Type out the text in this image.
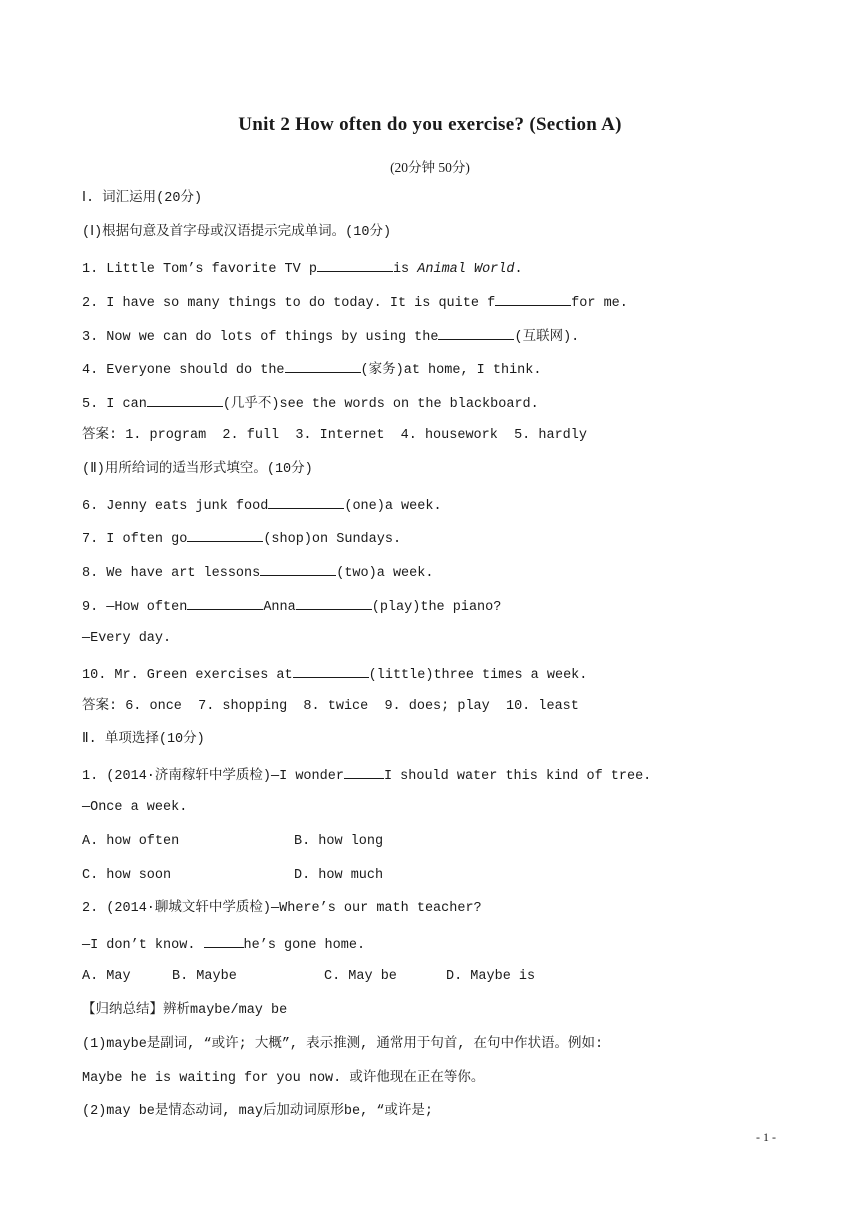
Unit 2 How often do you exercise? (Section A)
(20分钟 50分)
Ⅰ. 词汇运用(20分)
(Ⅰ)根据句意及首字母或汉语提示完成单词。(10分)
1. Little Tom’s favorite TV p	is Animal World.
2. I have so many things to do today. It is quite f	for me.
3. Now we can do lots of things by using the	(互联网).
4. Everyone should do the	(家务)at home, I think.
5. I can	(几乎不)see the words on the blackboard.
答案: 1. program  2. full  3. Internet  4. housework  5. hardly
(Ⅱ)用所给词的适当形式填空。(10分)
6. Jenny eats junk food	(one)a week.
7. I often go	(shop)on Sundays.
8. We have art lessons	(two)a week.
9. —How often	Anna	(play)the piano?
—Every day.
10. Mr. Green exercises at	(little)three times a week.
答案: 6. once  7. shopping  8. twice  9. does; play  10. least
Ⅱ. 单项选择(10分)
1. (2014·济南稼轩中学质检)—I wonder	I should water this kind of tree.
—Once a week.
A. how often	B. how long
C. how soon	D. how much
2. (2014·聊城文轩中学质检)—Where’s our math teacher?
—I don’t know.	he’s gone home.
A. May	B. Maybe	C. May be	D. Maybe is
【归纳总结】辨析maybe/may be
(1)maybe是副词, “或许; 大概”, 表示推测, 通常用于句首, 在句中作状语。例如:
Maybe he is waiting for you now. 或许他现在正在等你。
(2)may be是情态动词, may后加动词原形be, “或许是;
- 1 -
